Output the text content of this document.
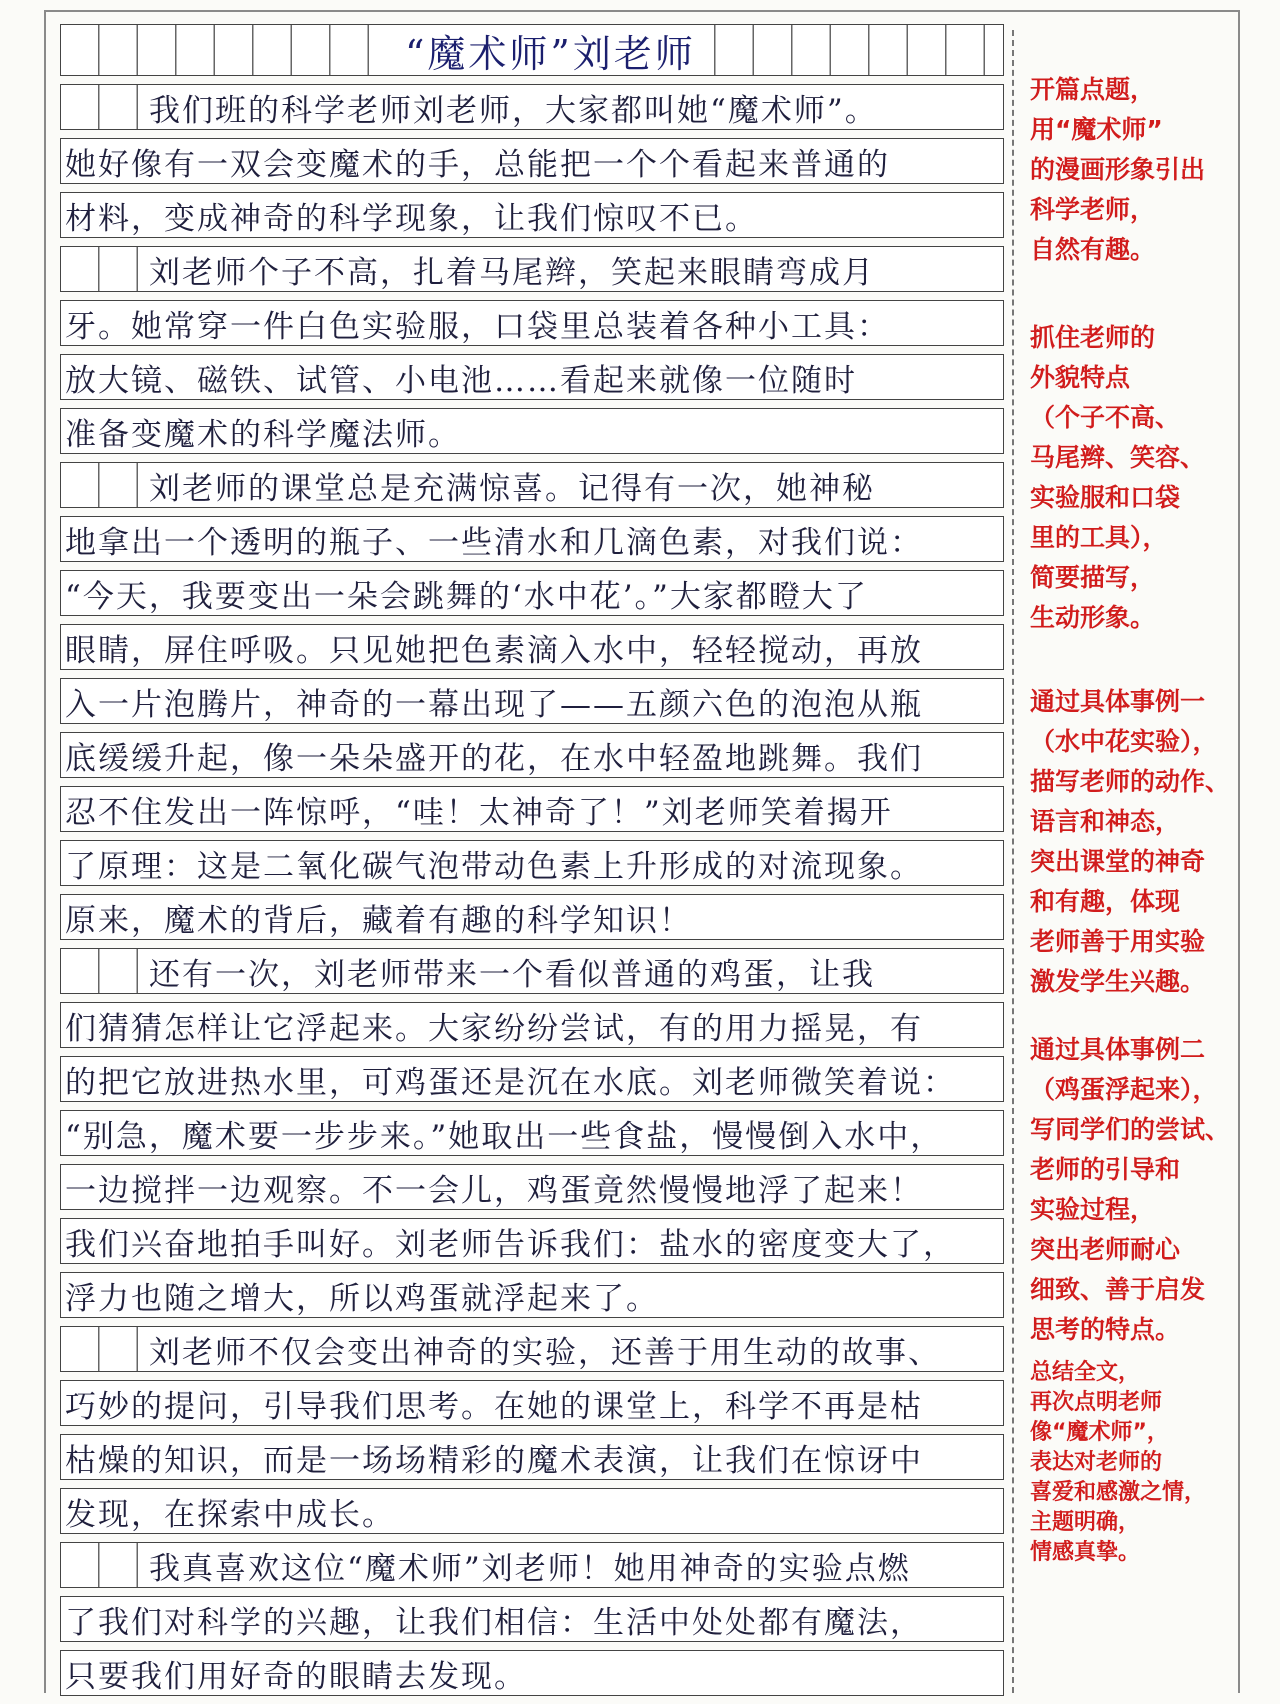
“魔术师”刘老师
我们班的科学老师刘老师，大家都叫她“魔术师”。
她好像有一双会变魔术的手，总能把一个个看起来普通的
材料，变成神奇的科学现象，让我们惊叹不已。
刘老师个子不高，扎着马尾辫，笑起来眼睛弯成月
牙。她常穿一件白色实验服，口袋里总装着各种小工具：
放大镜、磁铁、试管、小电池……看起来就像一位随时
准备变魔术的科学魔法师。
刘老师的课堂总是充满惊喜。记得有一次，她神秘
地拿出一个透明的瓶子、一些清水和几滴色素，对我们说：
“今天，我要变出一朵会跳舞的‘水中花’。”大家都瞪大了
眼睛，屏住呼吸。只见她把色素滴入水中，轻轻搅动，再放
入一片泡腾片，神奇的一幕出现了——五颜六色的泡泡从瓶
底缓缓升起，像一朵朵盛开的花，在水中轻盈地跳舞。我们
忍不住发出一阵惊呼，“哇！太神奇了！”刘老师笑着揭开
了原理：这是二氧化碳气泡带动色素上升形成的对流现象。
原来，魔术的背后，藏着有趣的科学知识！
还有一次，刘老师带来一个看似普通的鸡蛋，让我
们猜猜怎样让它浮起来。大家纷纷尝试，有的用力摇晃，有
的把它放进热水里，可鸡蛋还是沉在水底。刘老师微笑着说：
“别急，魔术要一步步来。”她取出一些食盐，慢慢倒入水中，
一边搅拌一边观察。不一会儿，鸡蛋竟然慢慢地浮了起来！
我们兴奋地拍手叫好。刘老师告诉我们：盐水的密度变大了，
浮力也随之增大，所以鸡蛋就浮起来了。
刘老师不仅会变出神奇的实验，还善于用生动的故事、
巧妙的提问，引导我们思考。在她的课堂上，科学不再是枯
枯燥的知识，而是一场场精彩的魔术表演，让我们在惊讶中
发现，在探索中成长。
我真喜欢这位“魔术师”刘老师！她用神奇的实验点燃
了我们对科学的兴趣，让我们相信：生活中处处都有魔法，
只要我们用好奇的眼睛去发现。
开篇点题，
用“魔术师”
的漫画形象引出
科学老师，
自然有趣。
抓住老师的
外貌特点
（个子不高、
马尾辫、笑容、
实验服和口袋
里的工具），
简要描写，
生动形象。
通过具体事例一
（水中花实验），
描写老师的动作、
语言和神态，
突出课堂的神奇
和有趣，体现
老师善于用实验
激发学生兴趣。
通过具体事例二
（鸡蛋浮起来），
写同学们的尝试、
老师的引导和
实验过程，
突出老师耐心
细致、善于启发
思考的特点。
总结全文，
再次点明老师
像“魔术师”，
表达对老师的
喜爱和感激之情，
主题明确，
情感真挚。
